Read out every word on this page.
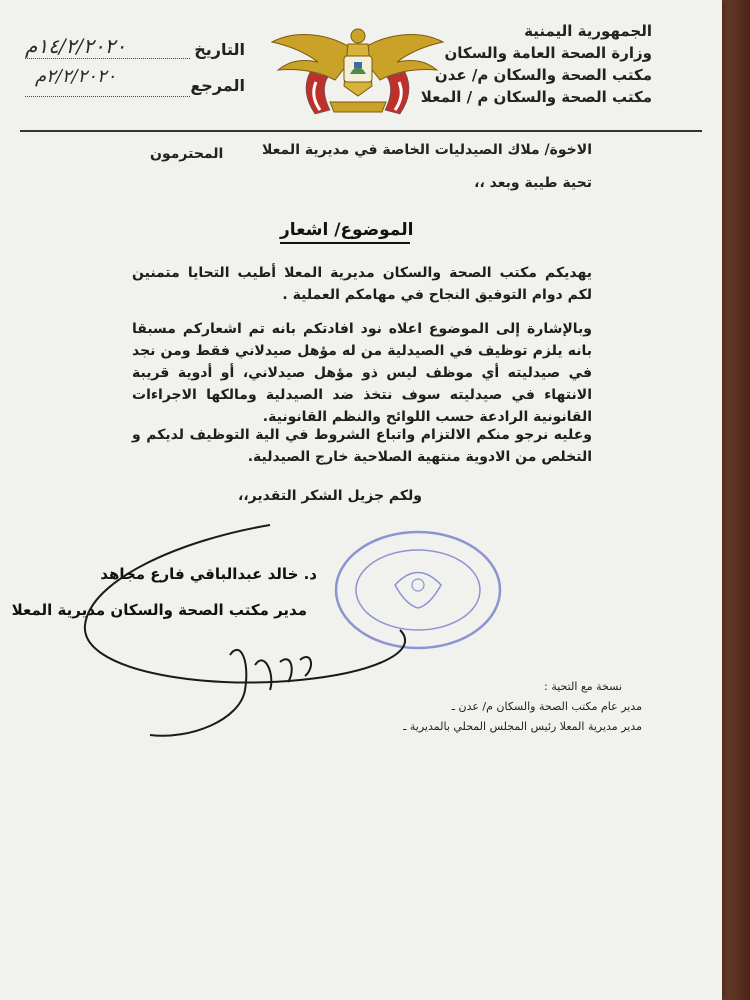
الجمهورية اليمنية
وزارة الصحة العامة والسكان
مكتب الصحة والسكان م/ عدن
مكتب الصحة والسكان م / المعلا
التاريخ
المرجع
١٤/٢/٢٠٢٠م
٢/٢/٢٠٢٠م
الاخوة/ ملاك الصيدليات الخاصة في مديرية المعلا
المحترمون
تحية طيبة وبعد ،،
الموضوع/ اشعار
يهديكم مكتب الصحة والسكان مديرية المعلا أطيب التحايا متمنين لكم دوام التوفيق النجاح في مهامكم العملية .
وبالإشارة إلى الموضوع اعلاه نود افادتكم بانه تم اشعاركم مسبقا بانه يلزم توظيف في الصيدلية من له مؤهل صيدلاني فقط ومن نجد في صيدليته أي موظف ليس ذو مؤهل صيدلاني، أو أدوية قريبة الانتهاء في صيدليته سوف نتخذ ضد الصيدلية ومالكها الاجراءات القانونية الرادعة حسب اللوائح والنظم القانونية.
وعليه نرجو منكم الالتزام واتباع الشروط في الية التوظيف لديكم و التخلص من الادوية منتهية الصلاحية خارج الصيدلية.
ولكم جزيل الشكر التقدير،،
د. خالد عبدالباقي فارع مجاهد
مدير مكتب الصحة والسكان مديرية المعلا
نسخة مع التحية :
مدير عام مكتب الصحة والسكان م/ عدن ـ
مدير مديرية المعلا رئيس المجلس المحلي بالمديرية ـ
